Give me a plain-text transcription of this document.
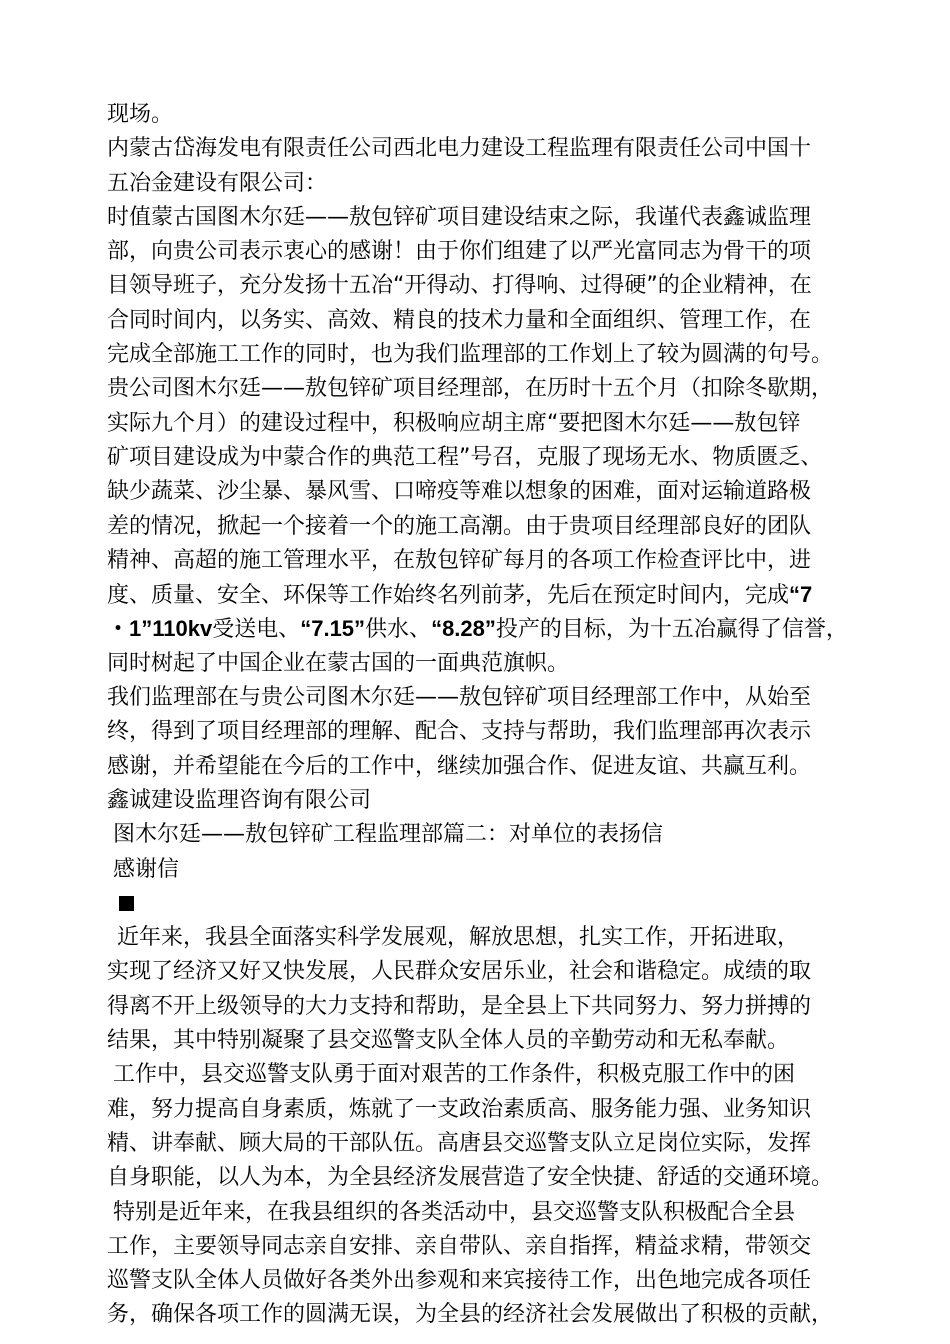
现场。
内蒙古岱海发电有限责任公司西北电力建设工程监理有限责任公司中国十
五冶金建设有限公司：
时值蒙古国图木尔廷——敖包锌矿项目建设结束之际，我谨代表鑫诚监理
部，向贵公司表示衷心的感谢！由于你们组建了以严光富同志为骨干的项
目领导班子，充分发扬十五冶“开得动、打得响、过得硬”的企业精神，在
合同时间内，以务实、高效、精良的技术力量和全面组织、管理工作，在
完成全部施工工作的同时，也为我们监理部的工作划上了较为圆满的句号。
贵公司图木尔廷——敖包锌矿项目经理部，在历时十五个月（扣除冬歇期，
实际九个月）的建设过程中，积极响应胡主席“要把图木尔廷——敖包锌
矿项目建设成为中蒙合作的典范工程”号召，克服了现场无水、物质匮乏、
缺少蔬菜、沙尘暴、暴风雪、口啼疫等难以想象的困难，面对运输道路极
差的情况，掀起一个接着一个的施工高潮。由于贵项目经理部良好的团队
精神、高超的施工管理水平，在敖包锌矿每月的各项工作检查评比中，进
度、质量、安全、环保等工作始终名列前茅，先后在预定时间内，完成“7
・1”110kv受送电、“7.15”供水、“8.28”投产的目标，为十五冶赢得了信誉，
同时树起了中国企业在蒙古国的一面典范旗帜。
我们监理部在与贵公司图木尔廷——敖包锌矿项目经理部工作中，从始至
终，得到了项目经理部的理解、配合、支持与帮助，我们监理部再次表示
感谢，并希望能在今后的工作中，继续加强合作、促进友谊、共赢互利。
鑫诚建设监理咨询有限公司
图木尔廷——敖包锌矿工程监理部篇二：对单位的表扬信
感谢信
近年来，我县全面落实科学发展观，解放思想，扎实工作，开拓进取，
实现了经济又好又快发展，人民群众安居乐业，社会和谐稳定。成绩的取
得离不开上级领导的大力支持和帮助，是全县上下共同努力、努力拼搏的
结果，其中特别凝聚了县交巡警支队全体人员的辛勤劳动和无私奉献。
工作中，县交巡警支队勇于面对艰苦的工作条件，积极克服工作中的困
难，努力提高自身素质，炼就了一支政治素质高、服务能力强、业务知识
精、讲奉献、顾大局的干部队伍。高唐县交巡警支队立足岗位实际，发挥
自身职能，以人为本，为全县经济发展营造了安全快捷、舒适的交通环境。
特别是近年来，在我县组织的各类活动中，县交巡警支队积极配合全县
工作，主要领导同志亲自安排、亲自带队、亲自指挥，精益求精，带领交
巡警支队全体人员做好各类外出参观和来宾接待工作，出色地完成各项任
务，确保各项工作的圆满无误，为全县的经济社会发展做出了积极的贡献，
